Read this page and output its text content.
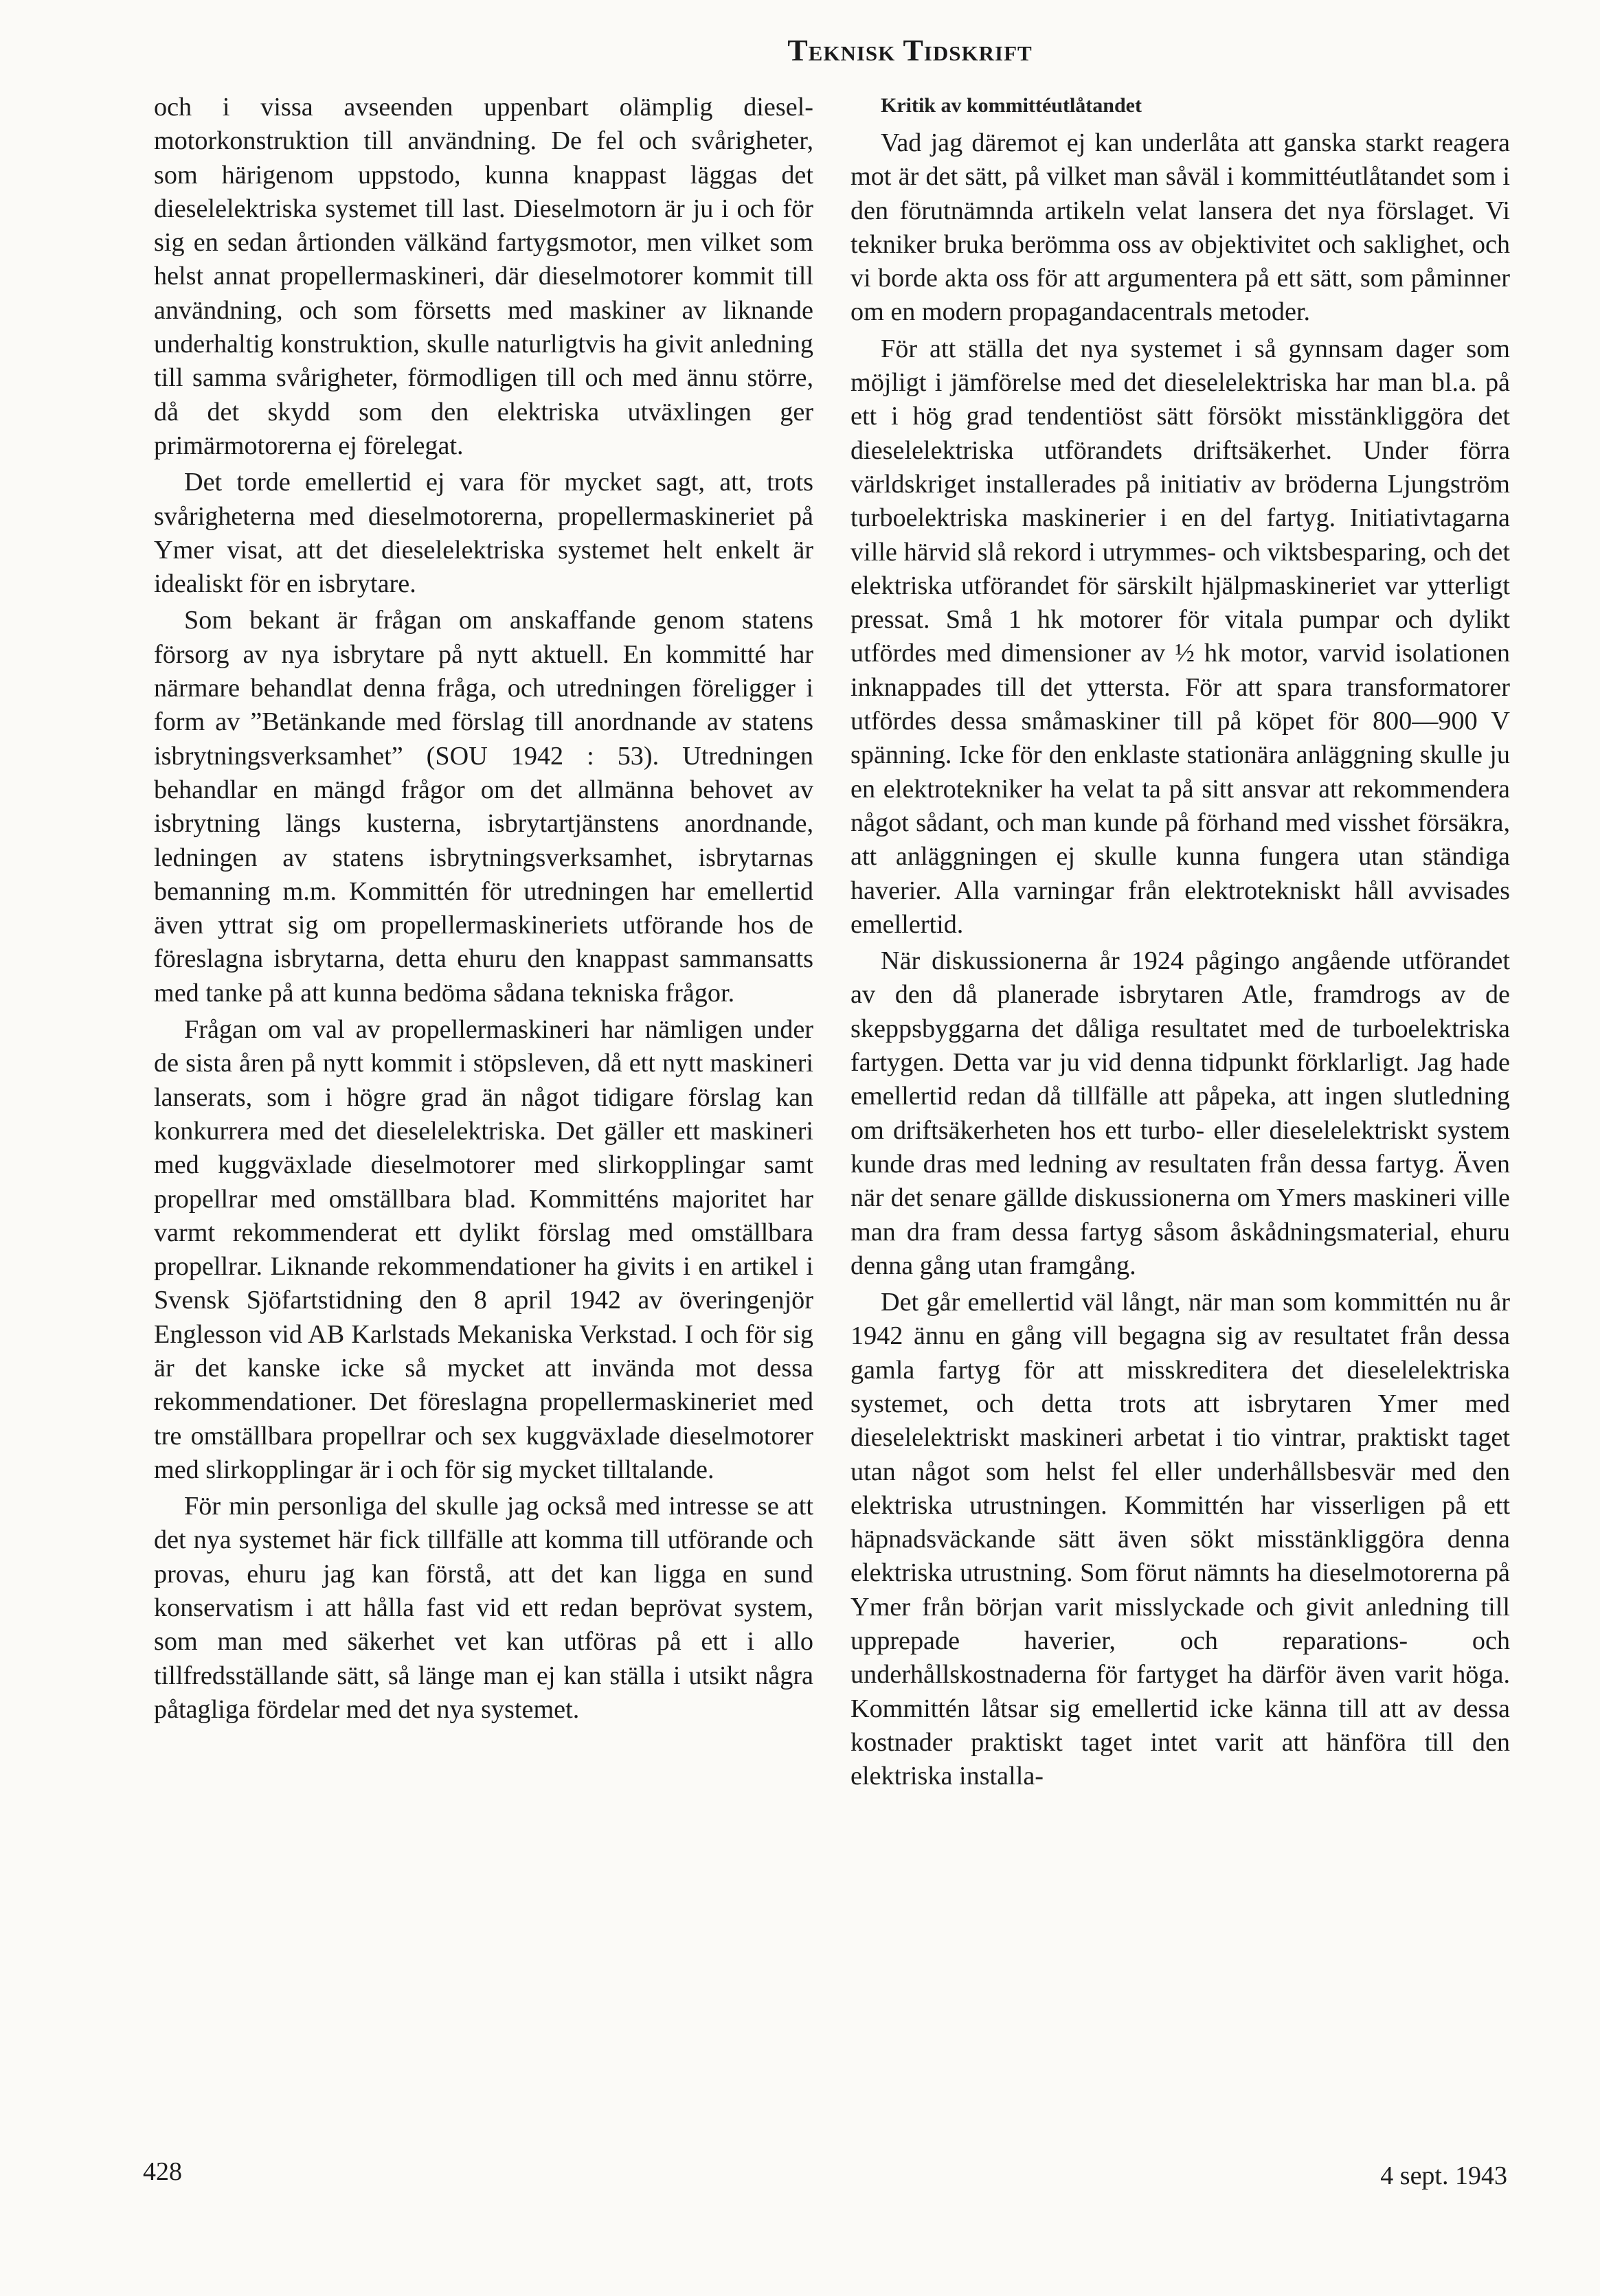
Teknisk Tidskrift

och i vissa avseenden uppenbart olämplig diesel-motorkonstruktion till användning. De fel och svårigheter, som härigenom uppstodo, kunna knappast läggas det dieselelektriska systemet till last. Dieselmotorn är ju i och för sig en sedan årtionden välkänd fartygsmotor, men vilket som helst annat propellermaskineri, där dieselmotorer kommit till användning, och som försetts med maskiner av liknande underhaltig konstruktion, skulle naturligtvis ha givit anledning till samma svårigheter, förmodligen till och med ännu större, då det skydd som den elektriska utväxlingen ger primärmotorerna ej förelegat.

Det torde emellertid ej vara för mycket sagt, att, trots svårigheterna med dieselmotorerna, propellermaskineriet på Ymer visat, att det dieselelektriska systemet helt enkelt är idealiskt för en isbrytare.

Som bekant är frågan om anskaffande genom statens försorg av nya isbrytare på nytt aktuell. En kommitté har närmare behandlat denna fråga, och utredningen föreligger i form av ”Betänkande med förslag till anordnande av statens isbrytningsverksamhet” (SOU 1942 : 53). Utredningen behandlar en mängd frågor om det allmänna behovet av isbrytning längs kusterna, isbrytartjänstens anordnande, ledningen av statens isbrytningsverksamhet, isbrytarnas bemanning m.m. Kommittén för utredningen har emellertid även yttrat sig om propellermaskineriets utförande hos de föreslagna isbrytarna, detta ehuru den knappast sammansatts med tanke på att kunna bedöma sådana tekniska frågor.

Frågan om val av propellermaskineri har nämligen under de sista åren på nytt kommit i stöpsleven, då ett nytt maskineri lanserats, som i högre grad än något tidigare förslag kan konkurrera med det dieselelektriska. Det gäller ett maskineri med kuggväxlade dieselmotorer med slirkopplingar samt propellrar med omställbara blad. Kommitténs majoritet har varmt rekommenderat ett dylikt förslag med omställbara propellrar. Liknande rekommendationer ha givits i en artikel i Svensk Sjöfartstidning den 8 april 1942 av överingenjör Englesson vid AB Karlstads Mekaniska Verkstad. I och för sig är det kanske icke så mycket att invända mot dessa rekommendationer. Det föreslagna propellermaskineriet med tre omställbara propellrar och sex kuggväxlade dieselmotorer med slirkopplingar är i och för sig mycket tilltalande.

För min personliga del skulle jag också med intresse se att det nya systemet här fick tillfälle att komma till utförande och provas, ehuru jag kan förstå, att det kan ligga en sund konservatism i att hålla fast vid ett redan beprövat system, som man med säkerhet vet kan utföras på ett i allo tillfredsställande sätt, så länge man ej kan ställa i utsikt några påtagliga fördelar med det nya systemet.

Kritik av kommittéutlåtandet

Vad jag däremot ej kan underlåta att ganska starkt reagera mot är det sätt, på vilket man såväl i kommittéutlåtandet som i den förutnämnda artikeln velat lansera det nya förslaget. Vi tekniker bruka berömma oss av objektivitet och saklighet, och vi borde akta oss för att argumentera på ett sätt, som påminner om en modern propagandacentrals metoder.

För att ställa det nya systemet i så gynnsam dager som möjligt i jämförelse med det dieselelektriska har man bl.a. på ett i hög grad tendentiöst sätt försökt misstänkliggöra det dieselelektriska utförandets driftsäkerhet. Under förra världskriget installerades på initiativ av bröderna Ljungström turboelektriska maskinerier i en del fartyg. Initiativtagarna ville härvid slå rekord i utrymmes- och viktsbesparing, och det elektriska utförandet för särskilt hjälpmaskineriet var ytterligt pressat. Små 1 hk motorer för vitala pumpar och dylikt utfördes med dimensioner av ½ hk motor, varvid isolationen inknappades till det yttersta. För att spara transformatorer utfördes dessa småmaskiner till på köpet för 800—900 V spänning. Icke för den enklaste stationära anläggning skulle ju en elektrotekniker ha velat ta på sitt ansvar att rekommendera något sådant, och man kunde på förhand med visshet försäkra, att anläggningen ej skulle kunna fungera utan ständiga haverier. Alla varningar från elektrotekniskt håll avvisades emellertid.

När diskussionerna år 1924 pågingo angående utförandet av den då planerade isbrytaren Atle, framdrogs av de skeppsbyggarna det dåliga resultatet med de turboelektriska fartygen. Detta var ju vid denna tidpunkt förklarligt. Jag hade emellertid redan då tillfälle att påpeka, att ingen slutledning om driftsäkerheten hos ett turbo- eller dieselelektriskt system kunde dras med ledning av resultaten från dessa fartyg. Även när det senare gällde diskussionerna om Ymers maskineri ville man dra fram dessa fartyg såsom åskådningsmaterial, ehuru denna gång utan framgång.

Det går emellertid väl långt, när man som kommittén nu år 1942 ännu en gång vill begagna sig av resultatet från dessa gamla fartyg för att misskreditera det dieselelektriska systemet, och detta trots att isbrytaren Ymer med dieselelektriskt maskineri arbetat i tio vintrar, praktiskt taget utan något som helst fel eller underhållsbesvär med den elektriska utrustningen. Kommittén har visserligen på ett häpnadsväckande sätt även sökt misstänkliggöra denna elektriska utrustning. Som förut nämnts ha dieselmotorerna på Ymer från början varit misslyckade och givit anledning till upprepade haverier, och reparations- och underhållskostnaderna för fartyget ha därför även varit höga. Kommittén låtsar sig emellertid icke känna till att av dessa kostnader praktiskt taget intet varit att hänföra till den elektriska installa-

428	4 sept. 1943
